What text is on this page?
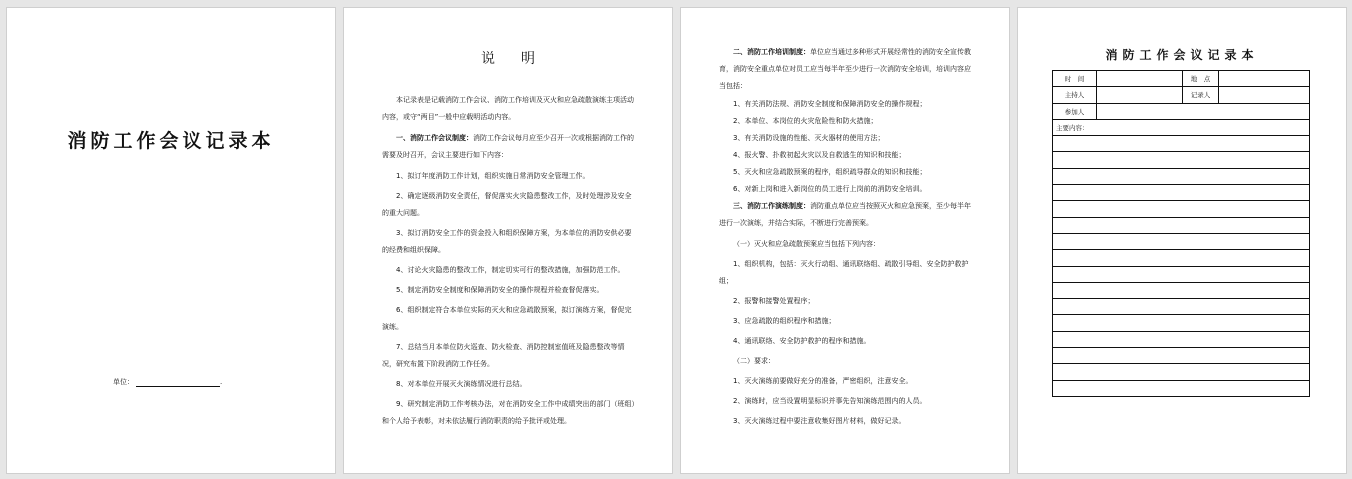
消防工作会议记录本
单位：	.
说明

本记录表是记载消防工作会议、消防工作培训及灭火和应急疏散演练主项活动内容，或守“两目”一般中应载明活动内容。

一、消防工作会议制度：消防工作会议每月应至少召开一次或根据消防工作的需要及时召开，会议主要进行如下内容：

1、拟订年度消防工作计划，组织实施日常消防安全管理工作。

2、确定逐级消防安全责任，督促落实火灾隐患整改工作，及时处理涉及安全的重大问题。

3、拟订消防安全工作的资金投入和组织保障方案，为本单位的消防安供必要的经费和组织保障。

4、讨论火灾隐患的整改工作，制定切实可行的整改措施，加强防范工作。

5、制定消防安全制度和保障消防安全的操作规程并检查督促落实。

6、组织制定符合本单位实际的灭火和应急疏散预案，拟订演练方案，督促完演练。

7、总结当月本单位防火巡查、防火检查、消防控制室值班及隐患整改等情况，研究布置下阶段消防工作任务。

8、对本单位开展灭火演练情况进行总结。

9、研究制定消防工作考核办法，对在消防安全工作中成绩突出的部门（班组）和个人给予表彰，对未依法履行消防职责的给予批评或处理。

二、消防工作培训制度：单位应当通过多种形式开展经常性的消防安全宣传教育，消防安全重点单位对员工应当每半年至少进行一次消防安全培训，培训内容应当包括：

1、有关消防法规、消防安全制度和保障消防安全的操作规程；

2、本单位、本岗位的火灾危险性和防火措施；

3、有关消防设施的性能、灭火器材的使用方法；

4、报火警、扑救初起火灾以及自救逃生的知识和技能；

5、灭火和应急疏散预案的程序，组织疏导群众的知识和技能；

6、对新上岗和进入新岗位的员工进行上岗前的消防安全培训。

三、消防工作演练制度：消防重点单位应当按照灭火和应急预案，至少每半年进行一次演练，并结合实际，不断进行完善预案。

（一）灭火和应急疏散预案应当包括下列内容：

1、组织机构，包括：灭火行动组、通讯联络组、疏散引导组、安全防护救护组；

2、报警和接警处置程序；

3、应急疏散的组织程序和措施；

4、通讯联络、安全防护救护的程序和措施。

（二）要求：

1、灭火演练前要做好充分的准备，严密组织，注意安全。

2、演练时，应当设置明显标识并事先告知演练范围内的人员。

3、灭火演练过程中要注意收集好图片材料，做好记录。

消防工作会议记录本
时　间		地　点	
主持人		记录人	
参加人			
主要内容：			
